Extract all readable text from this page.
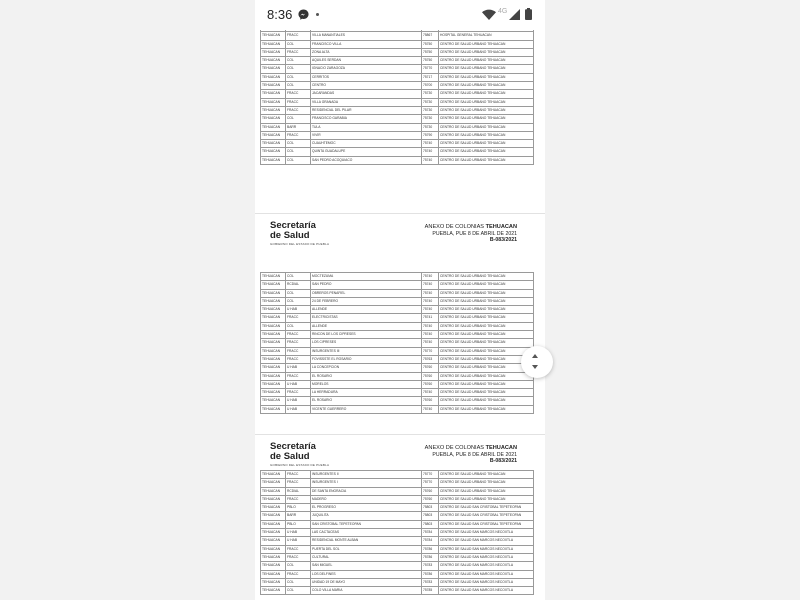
8:36	4G

TEHUACAN	FRACC	VILLA MANANTIALES	75867	HOSPITAL GENERAL TEHUACAN
TEHUACAN	COL	FRANCISCO VILLA	75750	CENTRO DE SALUD URBANO TEHUACAN
TEHUACAN	FRACC	ZONA ALTA	75750	CENTRO DE SALUD URBANO TEHUACAN
TEHUACAN	COL	AQUILES SERDAN	75750	CENTRO DE SALUD URBANO TEHUACAN
TEHUACAN	COL	IGNACIO ZARAGOZA	75770	CENTRO DE SALUD URBANO TEHUACAN
TEHUACAN	COL	CERRITOS	75717	CENTRO DE SALUD URBANO TEHUACAN
TEHUACAN	COL	CENTRO	75700	CENTRO DE SALUD URBANO TEHUACAN
TEHUACAN	FRACC	JACARANDAS	75730	CENTRO DE SALUD URBANO TEHUACAN
TEHUACAN	FRACC	VILLA GRANADA	75730	CENTRO DE SALUD URBANO TEHUACAN
TEHUACAN	FRACC	RESIDENCIAL DEL PILAR	75730	CENTRO DE SALUD URBANO TEHUACAN
TEHUACAN	COL	FRANCISCO GARABIA	75730	CENTRO DE SALUD URBANO TEHUACAN
TEHUACAN	BARR	TULA	75730	CENTRO DE SALUD URBANO TEHUACAN
TEHUACAN	FRACC	VIVIR	75790	CENTRO DE SALUD URBANO TEHUACAN
TEHUACAN	COL	CUAUHTEMOC	75740	CENTRO DE SALUD URBANO TEHUACAN
TEHUACAN	COL	QUINTA GUADALUPE	75740	CENTRO DE SALUD URBANO TEHUACAN
TEHUACAN	COL	SAN PEDRO ACOQUIACO	75740	CENTRO DE SALUD URBANO TEHUACAN
Secretaría
de Salud
GOBIERNO DEL ESTADO DE PUEBLA
ANEXO DE COLONIAS TEHUACAN
PUEBLA, PUE 8 DE ABRIL DE 2021
B-083/2021
TEHUACAN	COL	MOCTEZUMA	75740	CENTRO DE SALUD URBANO TEHUACAN
TEHUACAN	RCDIAL	SAN PEDRO	75740	CENTRO DE SALUD URBANO TEHUACAN
TEHUACAN	COL	OBREROS PENAFIEL	75740	CENTRO DE SALUD URBANO TEHUACAN
TEHUACAN	COL	24 DE FEBRERO	75740	CENTRO DE SALUD URBANO TEHUACAN
TEHUACAN	U HAB	ALLENDE	75740	CENTRO DE SALUD URBANO TEHUACAN
TEHUACAN	FRACC	ELECTRICISTAS	75741	CENTRO DE SALUD URBANO TEHUACAN
TEHUACAN	COL	ALLENDE	75740	CENTRO DE SALUD URBANO TEHUACAN
TEHUACAN	FRACC	RINCON DE LOS CIPRESES	75740	CENTRO DE SALUD URBANO TEHUACAN
TEHUACAN	FRACC	LOS CIPRESES	75740	CENTRO DE SALUD URBANO TEHUACAN
TEHUACAN	FRACC	INSURGENTES III	75770	CENTRO DE SALUD URBANO TEHUACAN
TEHUACAN	FRACC	FOVISSSTE EL ROSARIO	75763	CENTRO DE SALUD URBANO TEHUACAN
TEHUACAN	U HAB	LA CONCEPCION	75760	CENTRO DE SALUD URBANO TEHUACAN
TEHUACAN	FRACC	EL ROSARIO	75760	CENTRO DE SALUD URBANO TEHUACAN
TEHUACAN	U HAB	MORELOS	75760	CENTRO DE SALUD URBANO TEHUACAN
TEHUACAN	FRACC	LA HERRADURA	75740	CENTRO DE SALUD URBANO TEHUACAN
TEHUACAN	U HAB	EL ROSARIO	75760	CENTRO DE SALUD URBANO TEHUACAN
TEHUACAN	U HAB	VICENTE GUERRERO	75740	CENTRO DE SALUD URBANO TEHUACAN
Secretaría
de Salud
GOBIERNO DEL ESTADO DE PUEBLA
ANEXO DE COLONIAS TEHUACAN
PUEBLA, PUE 8 DE ABRIL DE 2021
B-083/2021
TEHUACAN	FRACC	INSURGENTES II	75770	CENTRO DE SALUD URBANO TEHUACAN
TEHUACAN	FRACC	INSURGENTES I	75770	CENTRO DE SALUD URBANO TEHUACAN
TEHUACAN	RCDIAL	DE SANTA ENGRACIA	75760	CENTRO DE SALUD URBANO TEHUACAN
TEHUACAN	FRACC	MADERO	75760	CENTRO DE SALUD URBANO TEHUACAN
TEHUACAN	PBLO	EL PROGRESO	75803	CENTRO DE SALUD SAN CRISTOBAL TEPETEOPAN
TEHUACAN	BARR	JUQUILITA	75803	CENTRO DE SALUD SAN CRISTOBAL TEPETEOPAN
TEHUACAN	PBLO	SAN CRISTOBAL TEPETEOPAN	75803	CENTRO DE SALUD SAN CRISTOBAL TEPETEOPAN
TEHUACAN	U HAB	LAS CACTACEAS	75784	CENTRO DE SALUD SAN MARCOS NECOXTLA
TEHUACAN	U HAB	RESIDENCIAL MONTE ALBAN	75784	CENTRO DE SALUD SAN MARCOS NECOXTLA
TEHUACAN	FRACC	PUERTA DEL SOL	75786	CENTRO DE SALUD SAN MARCOS NECOXTLA
TEHUACAN	FRACC	CULTURAL	75786	CENTRO DE SALUD SAN MARCOS NECOXTLA
TEHUACAN	COL	SAN MIGUEL	75783	CENTRO DE SALUD SAN MARCOS NECOXTLA
TEHUACAN	FRACC	LOS DELFINES	75786	CENTRO DE SALUD SAN MARCOS NECOXTLA
TEHUACAN	COL	UNIDAD 19 DE MAYO	75783	CENTRO DE SALUD SAN MARCOS NECOXTLA
TEHUACAN	COL	COLO VILLA MARIA	75785	CENTRO DE SALUD SAN MARCOS NECOXTLA
